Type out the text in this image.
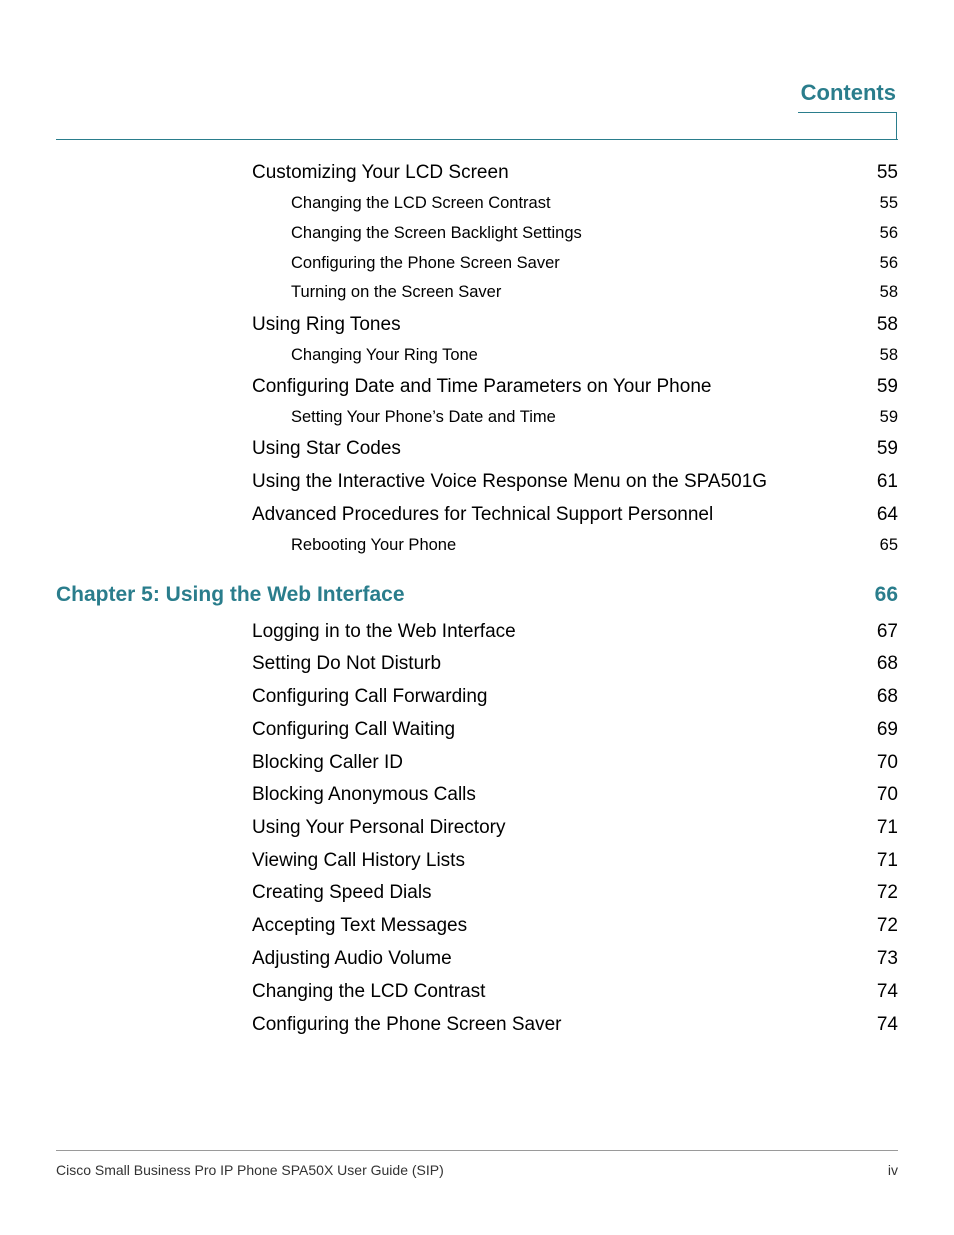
Contents
Customizing Your LCD Screen	55
Changing the LCD Screen Contrast	55
Changing the Screen Backlight Settings	56
Configuring the Phone Screen Saver	56
Turning on the Screen Saver	58
Using Ring Tones	58
Changing Your Ring Tone	58
Configuring Date and Time Parameters on Your Phone	59
Setting Your Phone’s Date and Time	59
Using Star Codes	59
Using the Interactive Voice Response Menu on the SPA501G	61
Advanced Procedures for Technical Support Personnel	64
Rebooting Your Phone	65
Chapter 5: Using the Web Interface	66
Logging in to the Web Interface	67
Setting Do Not Disturb	68
Configuring Call Forwarding	68
Configuring Call Waiting	69
Blocking Caller ID	70
Blocking Anonymous Calls	70
Using Your Personal Directory	71
Viewing Call History Lists	71
Creating Speed Dials	72
Accepting Text Messages	72
Adjusting Audio Volume	73
Changing the LCD Contrast	74
Configuring the Phone Screen Saver	74
Cisco Small Business Pro IP Phone SPA50X User Guide (SIP)	iv
